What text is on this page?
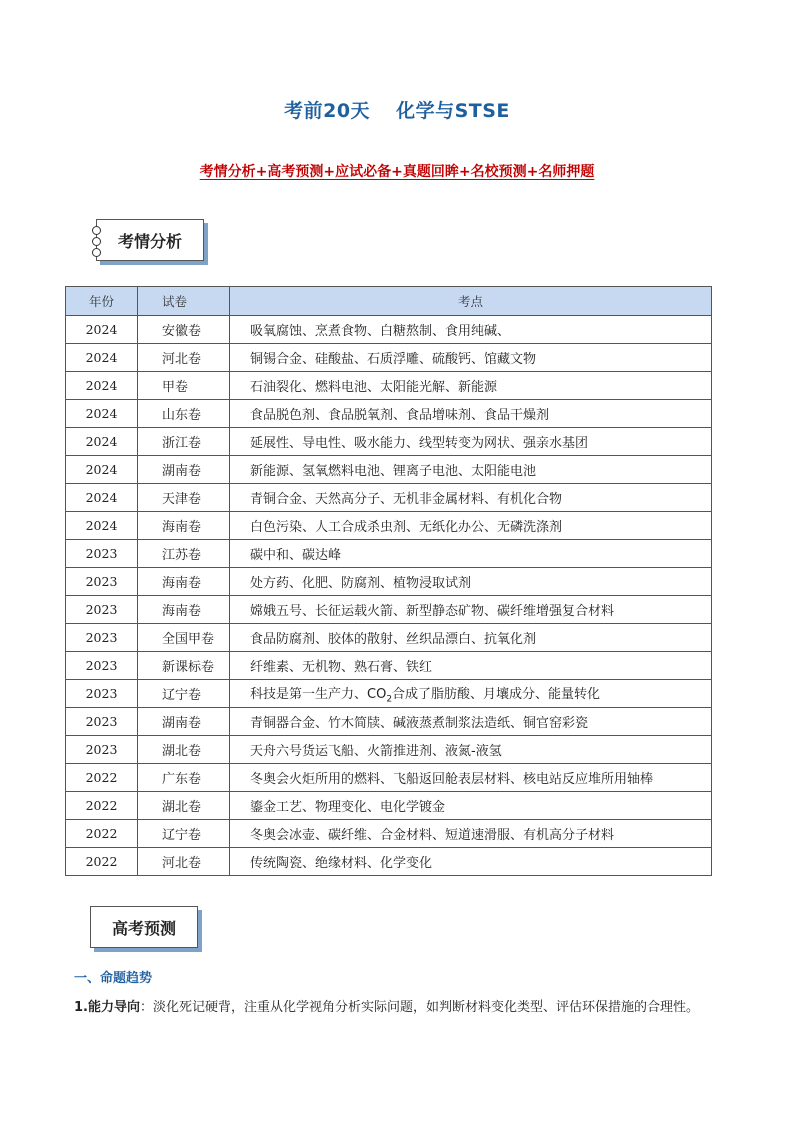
考前20天 化学与STSE
考情分析+高考预测+应试必备+真题回眸+名校预测+名师押题
考情分析
年份	试卷	考点
2024	安徽卷	吸氧腐蚀、烹煮食物、白糖熬制、食用纯碱、
2024	河北卷	铜锡合金、硅酸盐、石质浮雕、硫酸钙、馆藏文物
2024	甲卷	石油裂化、燃料电池、太阳能光解、新能源
2024	山东卷	食品脱色剂、食品脱氧剂、食品增味剂、食品干燥剂
2024	浙江卷	延展性、导电性、吸水能力、线型转变为网状、强亲水基团
2024	湖南卷	新能源、氢氧燃料电池、锂离子电池、太阳能电池
2024	天津卷	青铜合金、天然高分子、无机非金属材料、有机化合物
2024	海南卷	白色污染、人工合成杀虫剂、无纸化办公、无磷洗涤剂
2023	江苏卷	碳中和、碳达峰
2023	海南卷	处方药、化肥、防腐剂、植物浸取试剂
2023	海南卷	嫦娥五号、长征运载火箭、新型静态矿物、碳纤维增强复合材料
2023	全国甲卷	食品防腐剂、胶体的散射、丝织品漂白、抗氧化剂
2023	新课标卷	纤维素、无机物、熟石膏、铁红
2023	辽宁卷	科技是第一生产力、$CO_2$合成了脂肪酸、月壤成分、能量转化
2023	湖南卷	青铜器合金、竹木简牍、碱液蒸煮制浆法造纸、铜官窑彩瓷
2023	湖北卷	天舟六号货运飞船、火箭推进剂、液氮-液氢
2022	广东卷	冬奥会火炬所用的燃料、飞船返回舱表层材料、核电站反应堆所用轴棒
2022	湖北卷	鎏金工艺、物理变化、电化学镀金
2022	辽宁卷	冬奥会冰壶、碳纤维、合金材料、短道速滑服、有机高分子材料
2022	河北卷	传统陶瓷、绝缘材料、化学变化
高考预测
一、命题趋势
1.能力导向：淡化死记硬背，注重从化学视角分析实际问题，如判断材料变化类型、评估环保措施的合理性。
